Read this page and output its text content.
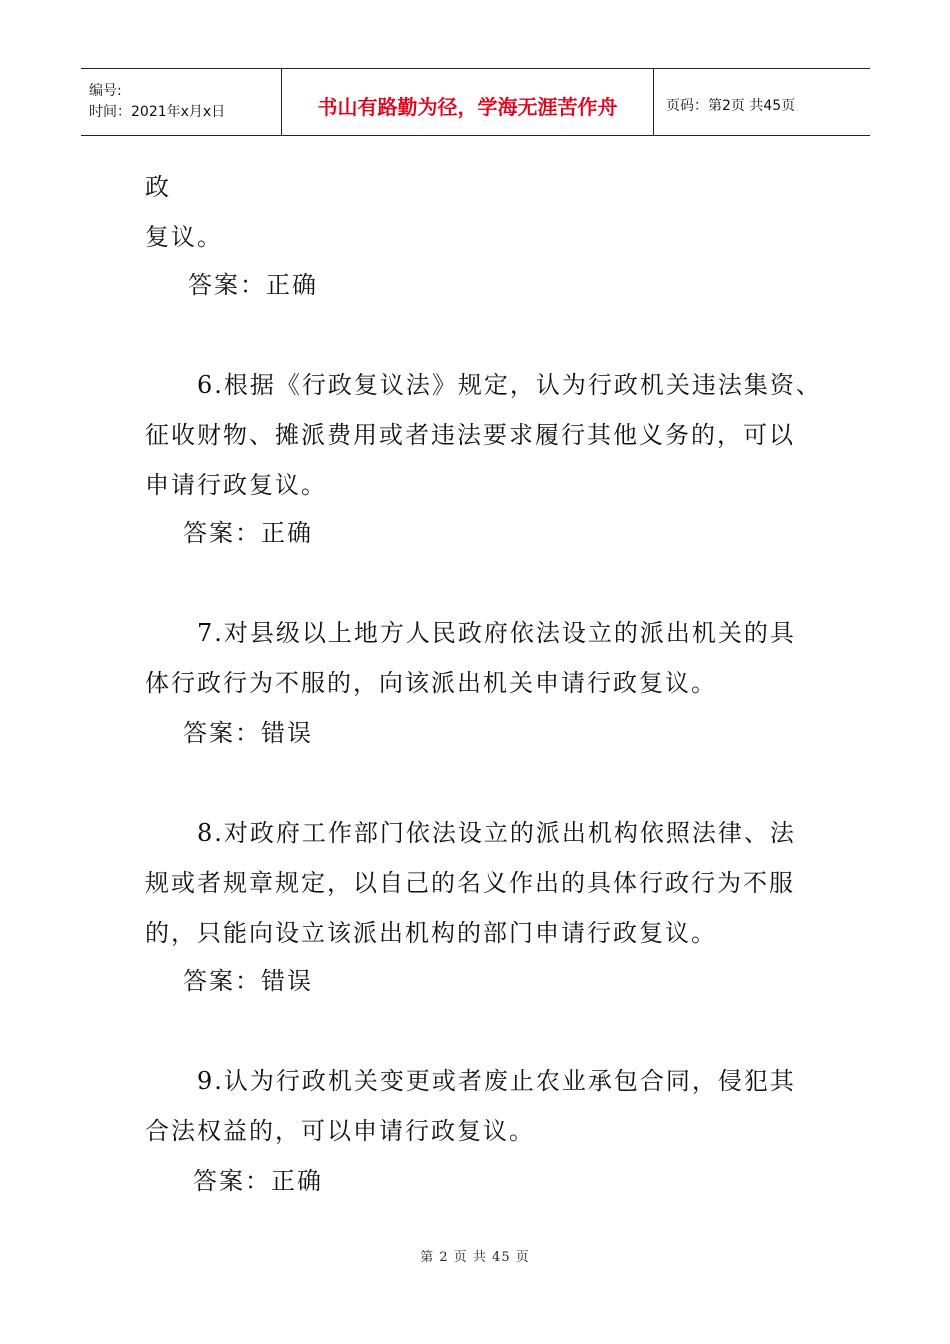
编号:
时间：2021年x月x日	书山有路勤为径，学海无涯苦作舟	页码：第2页 共45页
政
复议。
答案：正确
6.根据《行政复议法》规定，认为行政机关违法集资、
征收财物、摊派费用或者违法要求履行其他义务的，可以
申请行政复议。
答案：正确
7.对县级以上地方人民政府依法设立的派出机关的具
体行政行为不服的，向该派出机关申请行政复议。
答案：错误
8.对政府工作部门依法设立的派出机构依照法律、法
规或者规章规定，以自己的名义作出的具体行政行为不服
的，只能向设立该派出机构的部门申请行政复议。
答案：错误
9.认为行政机关变更或者废止农业承包合同，侵犯其
合法权益的，可以申请行政复议。
答案：正确
第 2 页 共 45 页
